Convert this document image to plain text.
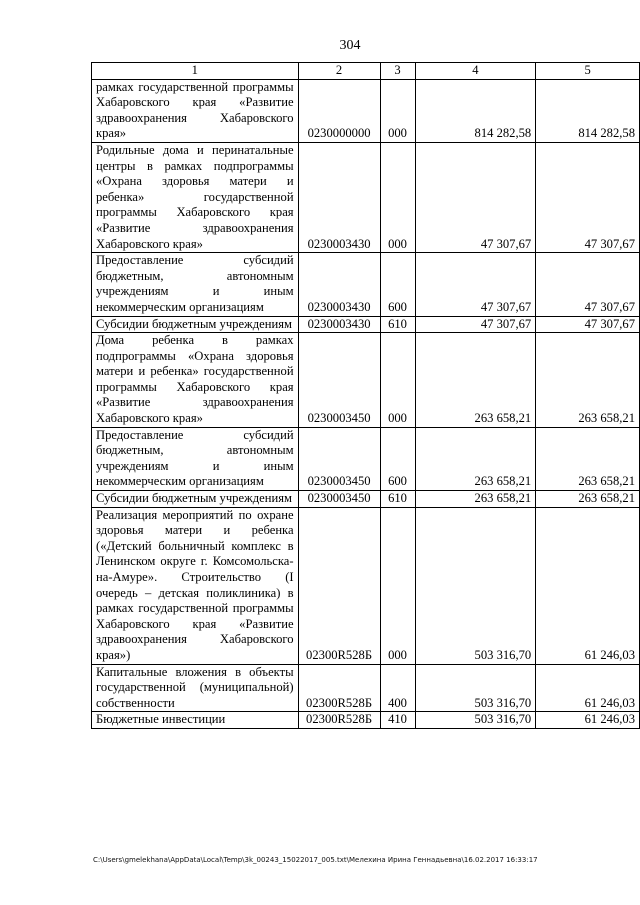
304
1	2	3	4	5
рамках государственной программы Хабаровского края «Развитие здравоохранения Хабаровского края»	0230000000	000	814 282,58	814 282,58
Родильные дома и перинатальные центры в рамках подпрограммы «Охрана здоровья матери и ребенка» государственной программы Хабаровского края «Развитие здравоохранения Хабаровского края»	0230003430	000	47 307,67	47 307,67
Предоставление субсидий бюджетным, автономным учреждениям и иным некоммерческим организациям	0230003430	600	47 307,67	47 307,67
Субсидии бюджетным учреждениям	0230003430	610	47 307,67	47 307,67
Дома ребенка в рамках подпрограммы «Охрана здоровья матери и ребенка» государственной программы Хабаровского края «Развитие здравоохранения Хабаровского края»	0230003450	000	263 658,21	263 658,21
Предоставление субсидий бюджетным, автономным учреждениям и иным некоммерческим организациям	0230003450	600	263 658,21	263 658,21
Субсидии бюджетным учреждениям	0230003450	610	263 658,21	263 658,21
Реализация мероприятий по охране здоровья матери и ребенка («Детский больничный комплекс в Ленинском округе г. Комсомольска-на-Амуре». Строительство (I очередь – детская поликлиника) в рамках государственной программы Хабаровского края «Развитие здравоохранения Хабаровского края»)	02300R528Б	000	503 316,70	61 246,03
Капитальные вложения в объекты государственной (муниципальной) собственности	02300R528Б	400	503 316,70	61 246,03
Бюджетные инвестиции	02300R528Б	410	503 316,70	61 246,03
C:\Users\gmelekhana\AppData\Local\Temp\3k_00243_15022017_005.txt\Мелехина Ирина Геннадьевна\16.02.2017 16:33:17
